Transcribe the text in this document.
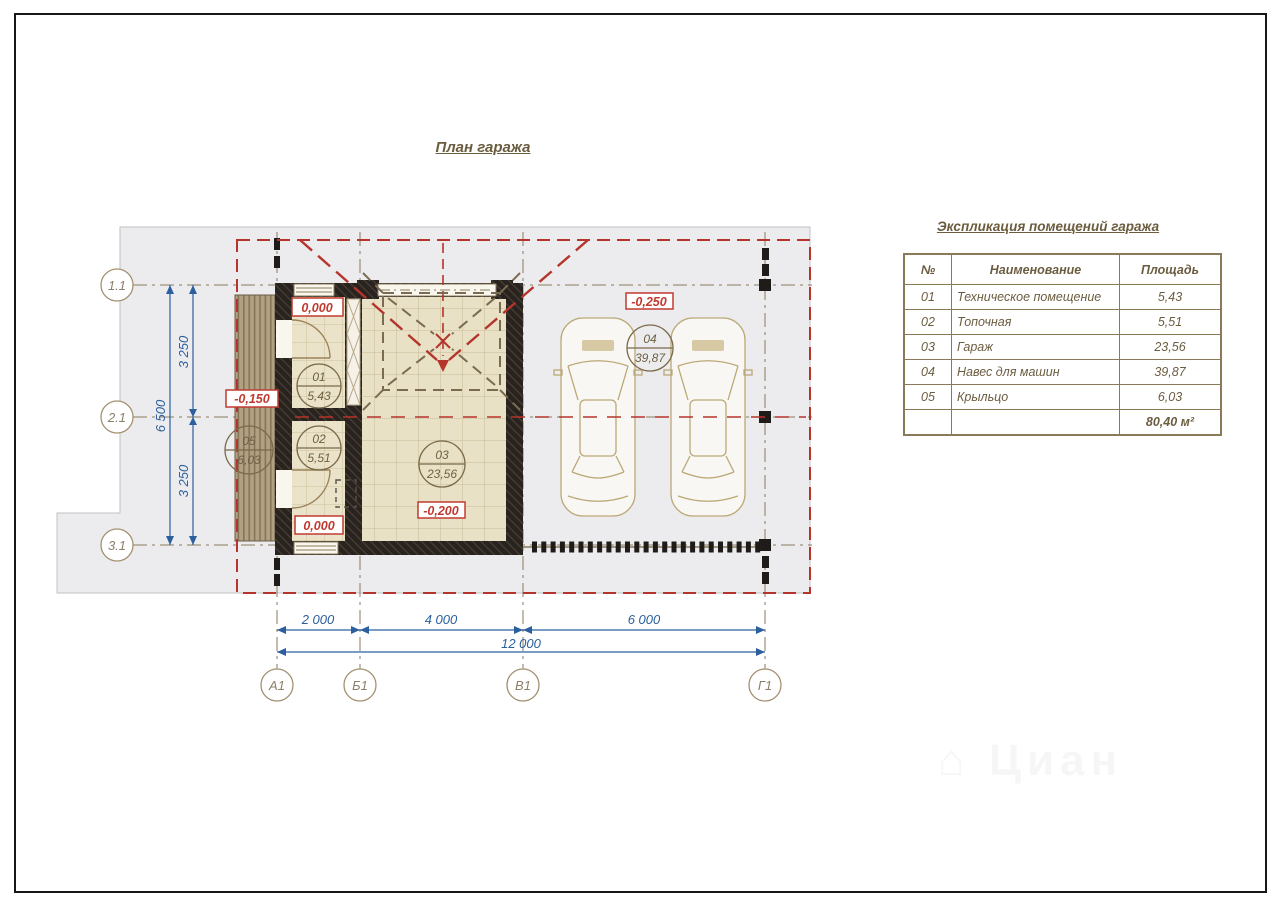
План гаража
3 250
3 250
6 500
2 000	4 000	6 000
12 000
1.1
2.1
3.1
А1	Б1	В1	Г1
0,000
0,000
-0,150
-0,200
-0,250
01
5,43
02
5,51	03
23,56
04
39,87
05
6,03
Экспликация помещений гаража
№	Наименование	Площадь
01	Техническое помещение	5,43
02	Топочная	5,51
03	Гараж	23,56
04	Навес для машин	39,87
05	Крыльцо	6,03
		80,40 м²
